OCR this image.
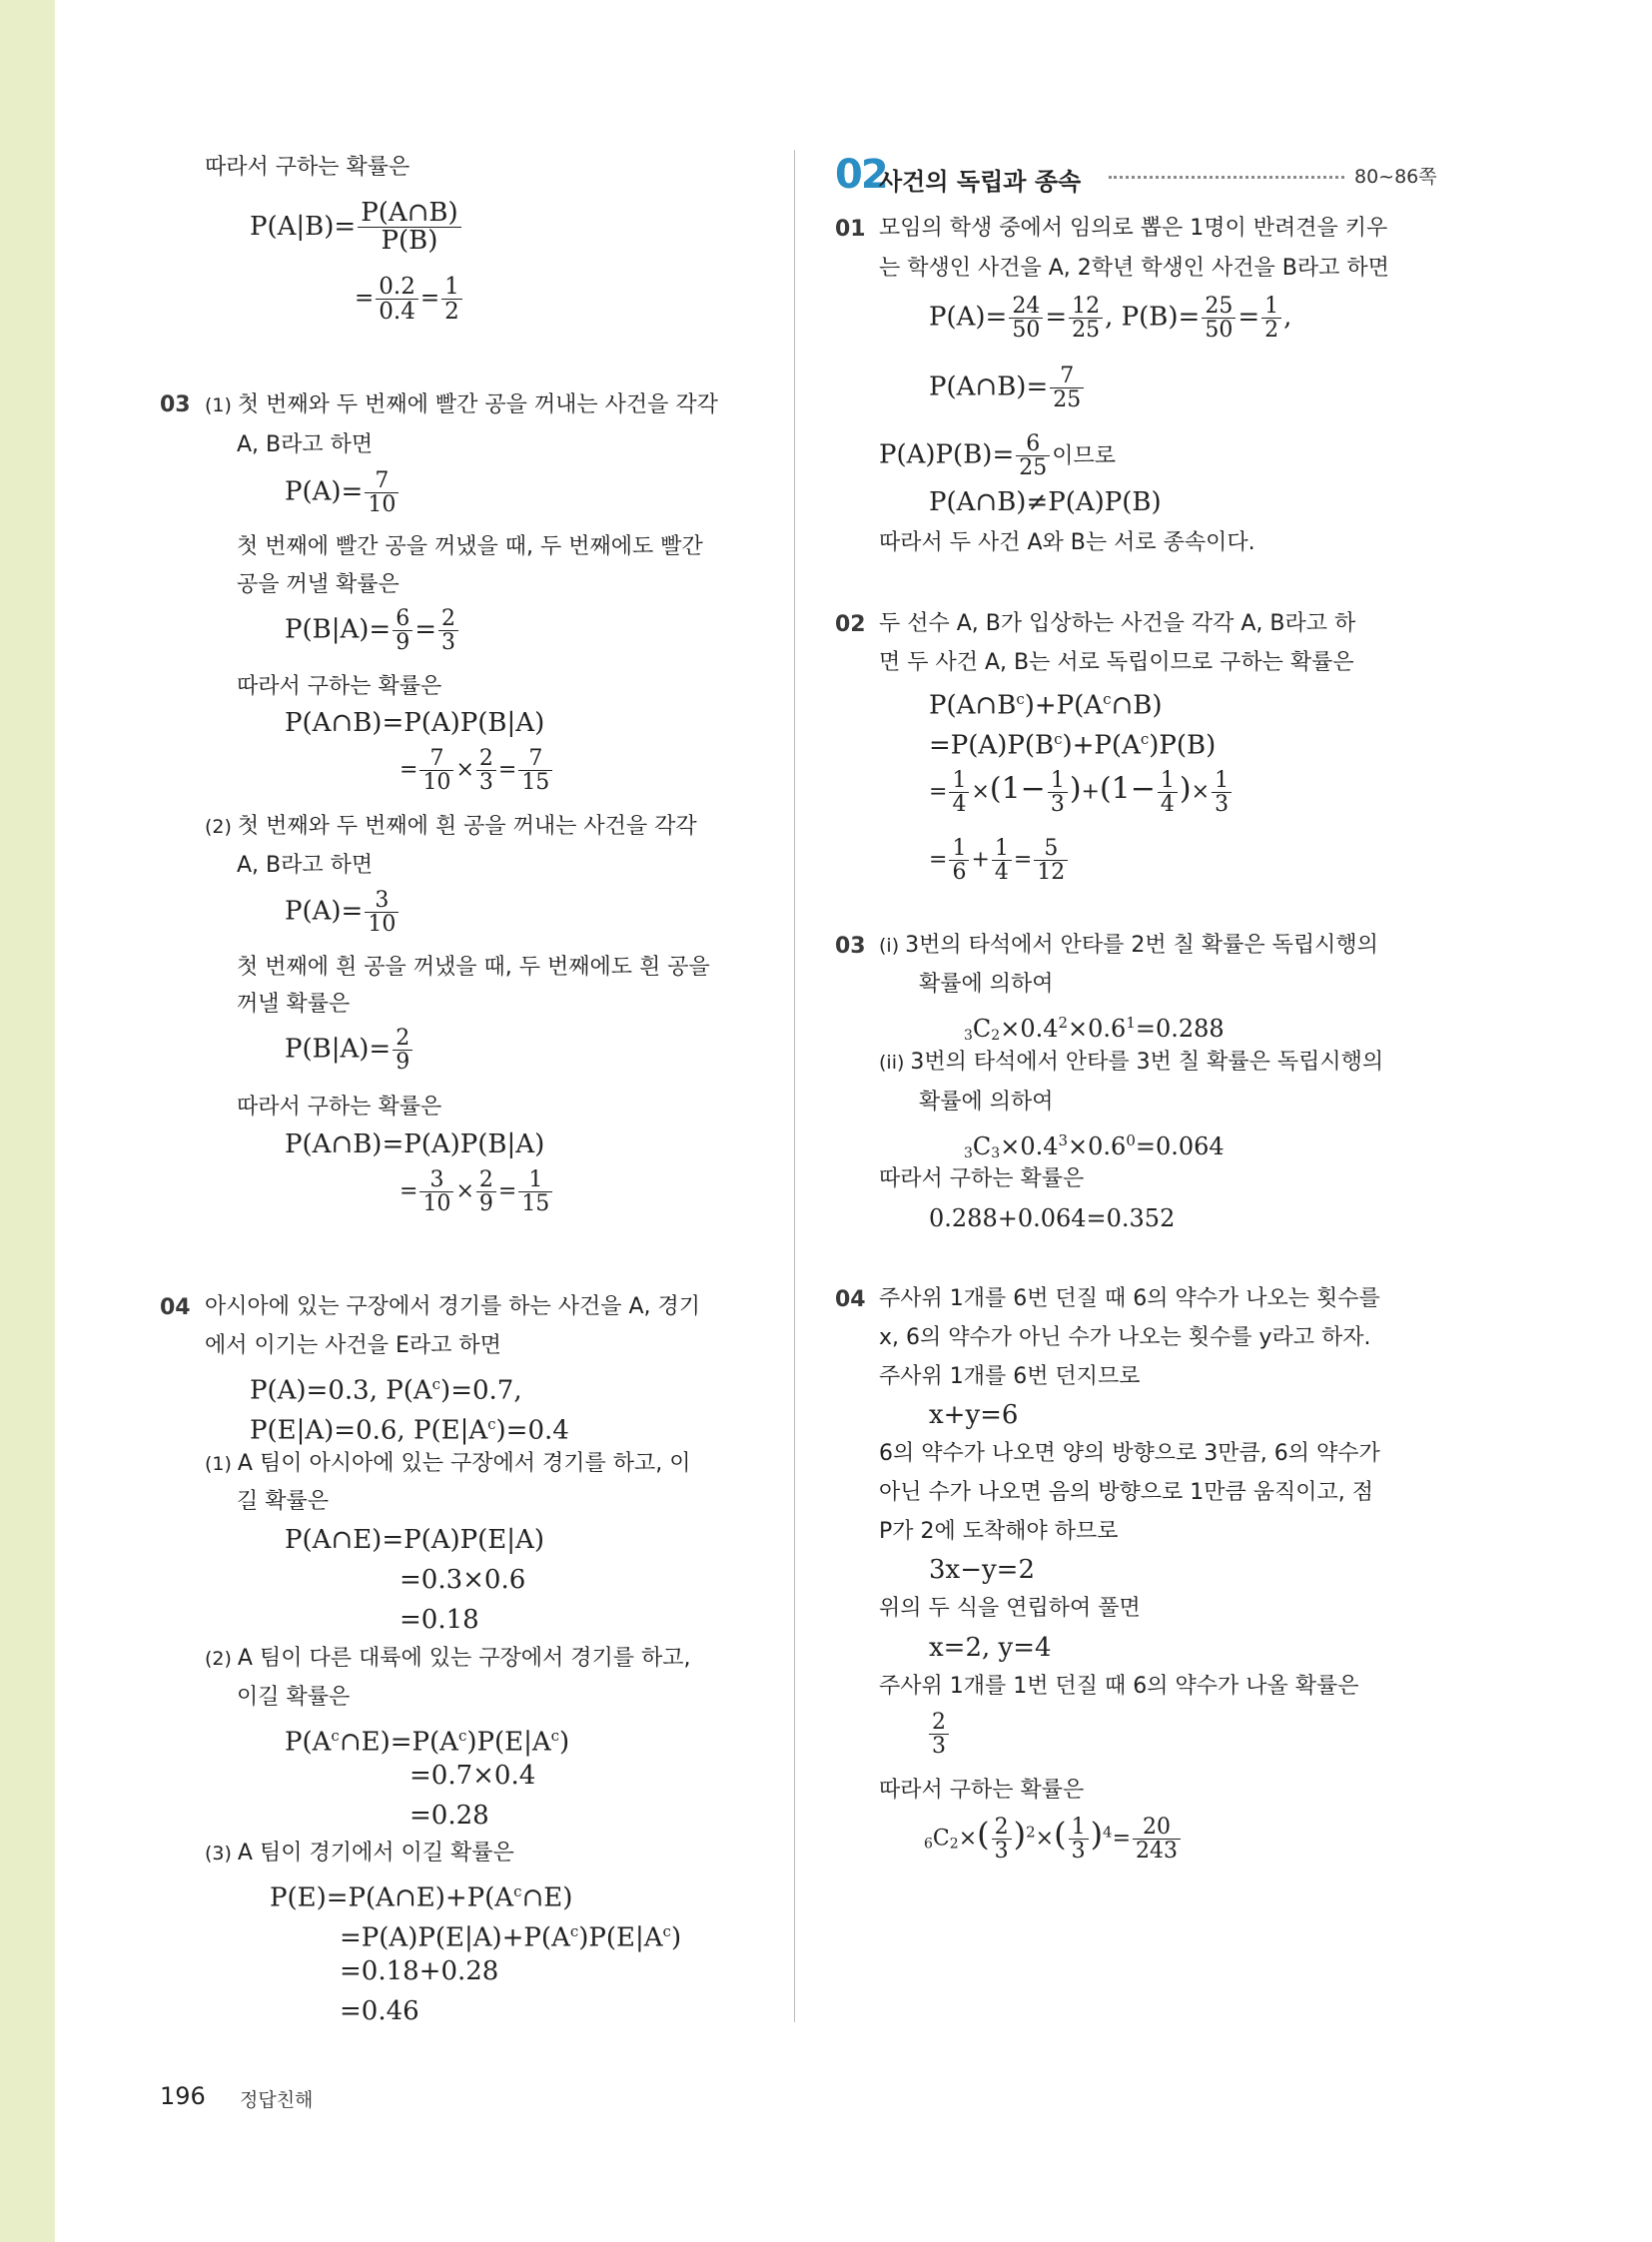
따라서 구하는 확률은
$P(A|B)= \frac{P(A\cap B)}{P(B)}$
= $\frac{0.2}{0.4} = \frac{1}{2}$
03 (1) 첫 번째와 두 번째에 빨간 공을 꺼내는 사건을 각각
A, B라고 하면
$P(A)= \frac{7}{10}$
첫 번째에 빨간 공을 꺼냈을 때, 두 번째에도 빨간
공을 꺼낼 확률은
$P(B|A)= \frac{6}{9} = \frac{2}{3}$
따라서 구하는 확률은
P(A∩B)=P(A)P(B|A)
= $\frac{7}{10} \times \frac{2}{3} = \frac{7}{15}$
(2) 첫 번째와 두 번째에 흰 공을 꺼내는 사건을 각각
A, B라고 하면
$P(A)= \frac{3}{10}$
첫 번째에 흰 공을 꺼냈을 때, 두 번째에도 흰 공을
꺼낼 확률은
$P(B|A)= \frac{2}{9}$
따라서 구하는 확률은
P(A∩B)=P(A)P(B|A)
= $\frac{3}{10} \times \frac{2}{9} = \frac{1}{15}$
04 아시아에 있는 구장에서 경기를 하는 사건을 A, 경기
에서 이기는 사건을 E라고 하면
P(A)=0.3, $P(A^c)=0.7$,
P(E|A)=0.6, $P(E|A^c)=0.4$
(1) A 팀이 아시아에 있는 구장에서 경기를 하고, 이
길 확률은
P(A∩E)=P(A)P(E|A)
=0.3×0.6
=0.18
(2) A 팀이 다른 대륙에 있는 구장에서 경기를 하고,
이길 확률은
$P(A^c\cap E)=P(A^c)P(E|A^c)$
=0.7×0.4
=0.28
(3) A 팀이 경기에서 이길 확률은
$P(E)=P(A\cap E)+P(A^c\cap E)$
$=P(A)P(E|A)+P(A^c)P(E|A^c)$
=0.18+0.28
=0.46
02
사건의 독립과 종속	80~86쪽
01 모임의 학생 중에서 임의로 뽑은 1명이 반려견을 키우
는 학생인 사건을 A, 2학년 학생인 사건을 B라고 하면
$P(A)= \frac{24}{50} = \frac{12}{25}$ , $P(B)= \frac{25}{50} = \frac{1}{2}$ ,
P(A∩B)= $\frac{7}{25}$
$P(A)P(B)= \frac{6}{25}$ 이므로
P(A∩B)≠P(A)P(B)
따라서 두 사건 A와 B는 서로 종속이다.
02 두 선수 A, B가 입상하는 사건을 각각 A, B라고 하
면 두 사건 A, B는 서로 독립이므로 구하는 확률은
$P(A\cap B^c)+P(A^c\cap B)$
$=P(A)P(B^c)+P(A^c)P(B)$
= $\frac{1}{4} \times(1- \frac{1}{3} )+(1- \frac{1}{4}$ )× $\frac{1}{3}$
= $\frac{1}{6} + \frac{1}{4} = \frac{5}{12}$
03 (i) 3번의 타석에서 안타를 2번 칠 확률은 독립시행의
확률에 의하여
$3C2\times 0.4^2\times 0.6^1=0.288$
(ii) 3번의 타석에서 안타를 3번 칠 확률은 독립시행의
확률에 의하여
$3C3\times 0.4^3\times 0.6^0=0.064$
따라서 구하는 확률은
0.288+0.064=0.352
04 주사위 1개를 6번 던질 때 6의 약수가 나오는 횟수를
x, 6의 약수가 아닌 수가 나오는 횟수를 y라고 하자.
주사위 1개를 6번 던지므로
x+y=6
6의 약수가 나오면 양의 방향으로 3만큼, 6의 약수가
아닌 수가 나오면 음의 방향으로 1만큼 움직이고, 점
P가 2에 도착해야 하므로
3x−y=2
위의 두 식을 연립하여 풀면
x=2, y=4
주사위 1개를 1번 던질 때 6의 약수가 나올 확률은
$\frac{2}{3}$
따라서 구하는 확률은
$6C2\times( \frac{2}{3} )^2\times( \frac{1}{3} )^4= \frac{20}{243}$
196 정답친해
